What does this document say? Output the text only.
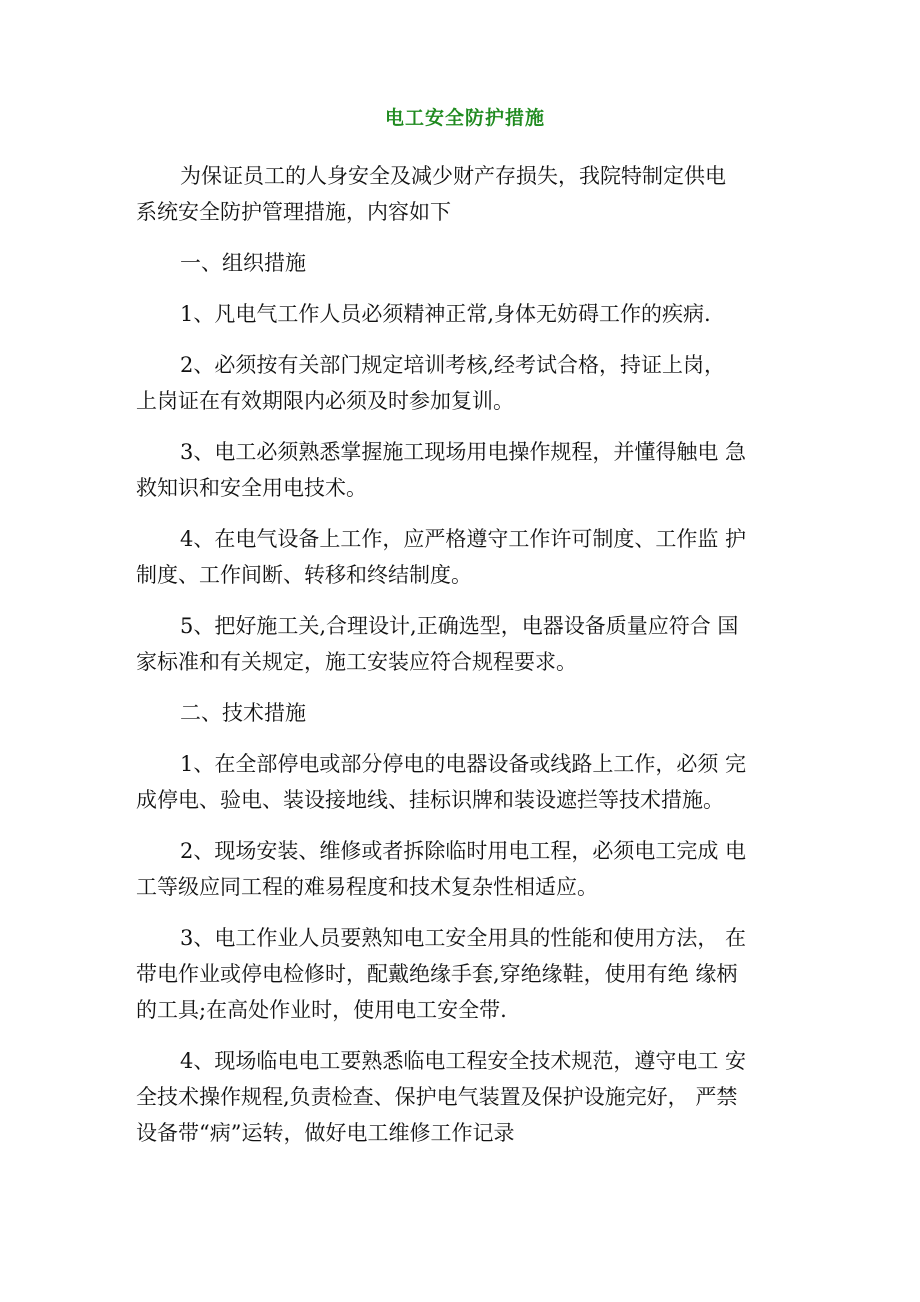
电工安全防护措施

为保证员工的人身安全及减少财产存损失，我院特制定供电
系统安全防护管理措施，内容如下

一、组织措施

1、凡电气工作人员必须精神正常,身体无妨碍工作的疾病.

2、必须按有关部门规定培训考核,经考试合格，持证上岗，
上岗证在有效期限内必须及时参加复训。

3、电工必须熟悉掌握施工现场用电操作规程，并懂得触电 急
救知识和安全用电技术。

4、在电气设备上工作，应严格遵守工作许可制度、工作监 护
制度、工作间断、转移和终结制度。

5、把好施工关,合理设计,正确选型，电器设备质量应符合 国
家标准和有关规定，施工安装应符合规程要求。

二、技术措施

1、在全部停电或部分停电的电器设备或线路上工作，必须 完
成停电、验电、装设接地线、挂标识牌和装设遮拦等技术措施。

2、现场安装、维修或者拆除临时用电工程，必须电工完成 电
工等级应同工程的难易程度和技术复杂性相适应。

3、电工作业人员要熟知电工安全用具的性能和使用方法， 在
带电作业或停电检修时，配戴绝缘手套,穿绝缘鞋，使用有绝 缘柄
的工具;在高处作业时，使用电工安全带.

4、现场临电电工要熟悉临电工程安全技术规范，遵守电工 安
全技术操作规程,负责检查、保护电气装置及保护设施完好， 严禁
设备带“病”运转，做好电工维修工作记录
